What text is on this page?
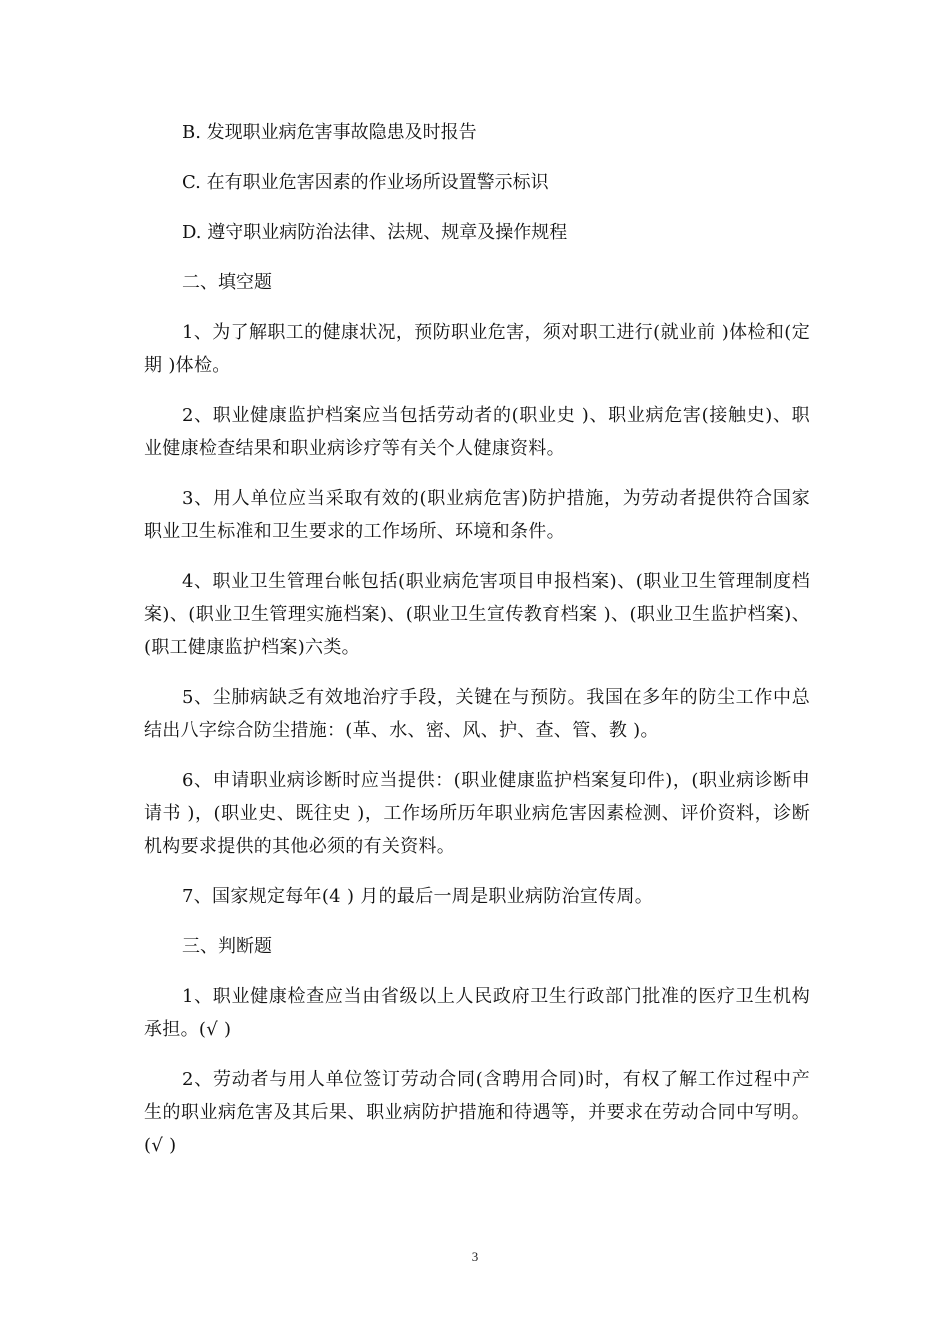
B. 发现职业病危害事故隐患及时报告
C. 在有职业危害因素的作业场所设置警示标识
D. 遵守职业病防治法律、法规、规章及操作规程
二、填空题

1、为了解职工的健康状况，预防职业危害，须对职工进行(就业前 )体检和(定期 )体检。

2、职业健康监护档案应当包括劳动者的(职业史 )、职业病危害(接触史)、职业健康检查结果和职业病诊疗等有关个人健康资料。

3、用人单位应当采取有效的(职业病危害)防护措施，为劳动者提供符合国家职业卫生标准和卫生要求的工作场所、环境和条件。

4、职业卫生管理台帐包括(职业病危害项目申报档案)、(职业卫生管理制度档案)、(职业卫生管理实施档案)、(职业卫生宣传教育档案 )、(职业卫生监护档案)、(职工健康监护档案)六类。

5、尘肺病缺乏有效地治疗手段，关键在与预防。我国在多年的防尘工作中总结出八字综合防尘措施：(革、水、密、风、护、查、管、教 )。

6、申请职业病诊断时应当提供：(职业健康监护档案复印件)，(职业病诊断申请书 )，(职业史、既往史 )，工作场所历年职业病危害因素检测、评价资料，诊断机构要求提供的其他必须的有关资料。

7、国家规定每年(4 ) 月的最后一周是职业病防治宣传周。

三、判断题

1、职业健康检查应当由省级以上人民政府卫生行政部门批准的医疗卫生机构承担。(√ )

2、劳动者与用人单位签订劳动合同(含聘用合同)时，有权了解工作过程中产生的职业病危害及其后果、职业病防护措施和待遇等，并要求在劳动合同中写明。(√ )

3
